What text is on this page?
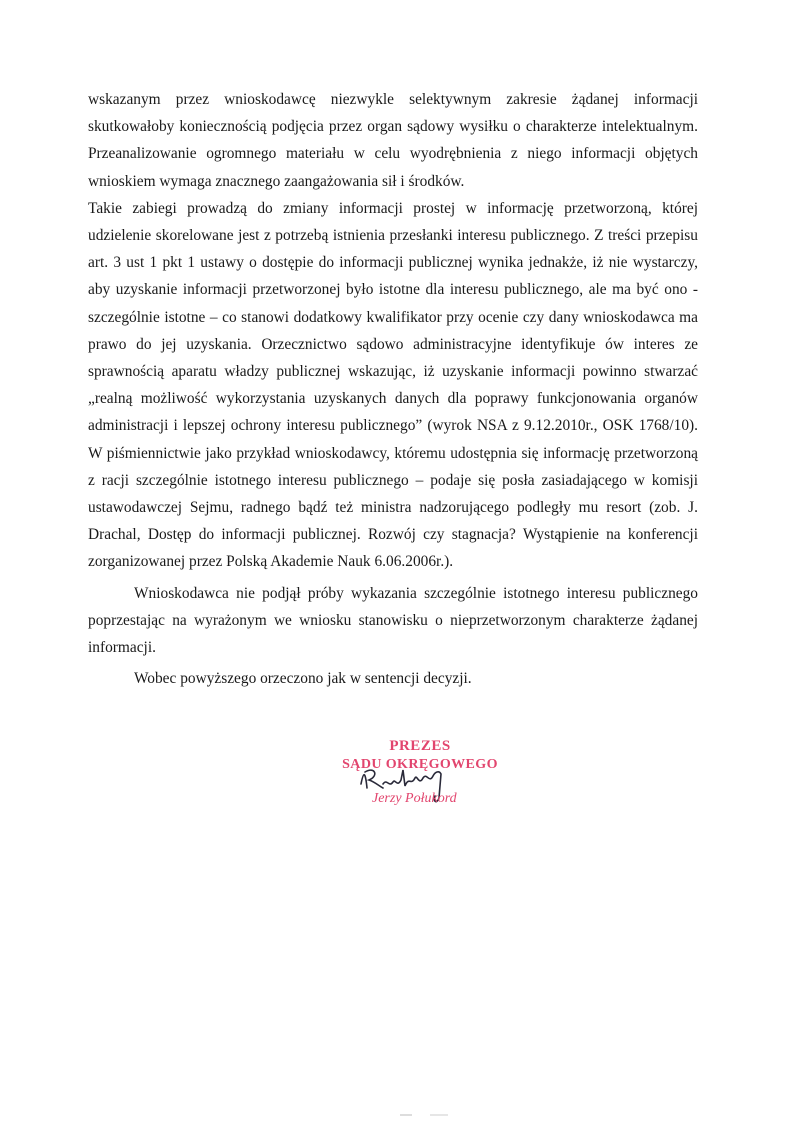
wskazanym przez wnioskodawcę niezwykle selektywnym zakresie żądanej informacji skutkowałoby koniecznością podjęcia przez organ sądowy wysiłku o charakterze intelektualnym. Przeanalizowanie ogromnego materiału w celu wyodrębnienia z niego informacji objętych wnioskiem wymaga znacznego zaangażowania sił i środków.

Takie zabiegi prowadzą do zmiany informacji prostej w informację przetworzoną, której udzielenie skorelowane jest z potrzebą istnienia przesłanki interesu publicznego. Z treści przepisu art. 3 ust 1 pkt 1 ustawy o dostępie do informacji publicznej wynika jednakże, iż nie wystarczy, aby uzyskanie informacji przetworzonej było istotne dla interesu publicznego, ale ma być ono - szczególnie istotne – co stanowi dodatkowy kwalifikator przy ocenie czy dany wnioskodawca ma prawo do jej uzyskania. Orzecznictwo sądowo administracyjne identyfikuje ów interes ze sprawnością aparatu władzy publicznej wskazując, iż uzyskanie informacji powinno stwarzać „realną możliwość wykorzystania uzyskanych danych dla poprawy funkcjonowania organów administracji i lepszej ochrony interesu publicznego” (wyrok NSA z 9.12.2010r., OSK 1768/10). W piśmiennictwie jako przykład wnioskodawcy, któremu udostępnia się informację przetworzoną z racji szczególnie istotnego interesu publicznego – podaje się posła zasiadającego w komisji ustawodawczej Sejmu, radnego bądź też ministra nadzorującego podległy mu resort (zob. J. Drachal, Dostęp do informacji publicznej. Rozwój czy stagnacja? Wystąpienie na konferencji zorganizowanej przez Polską Akademie Nauk 6.06.2006r.).

Wnioskodawca nie podjął próby wykazania szczególnie istotnego interesu publicznego poprzestając na wyrażonym we wniosku stanowisku o nieprzetworzonym charakterze żądanej informacji.

Wobec powyższego orzeczono jak w sentencji decyzji.

PREZES
SĄDU OKRĘGOWEGO
Jerzy Połukord
